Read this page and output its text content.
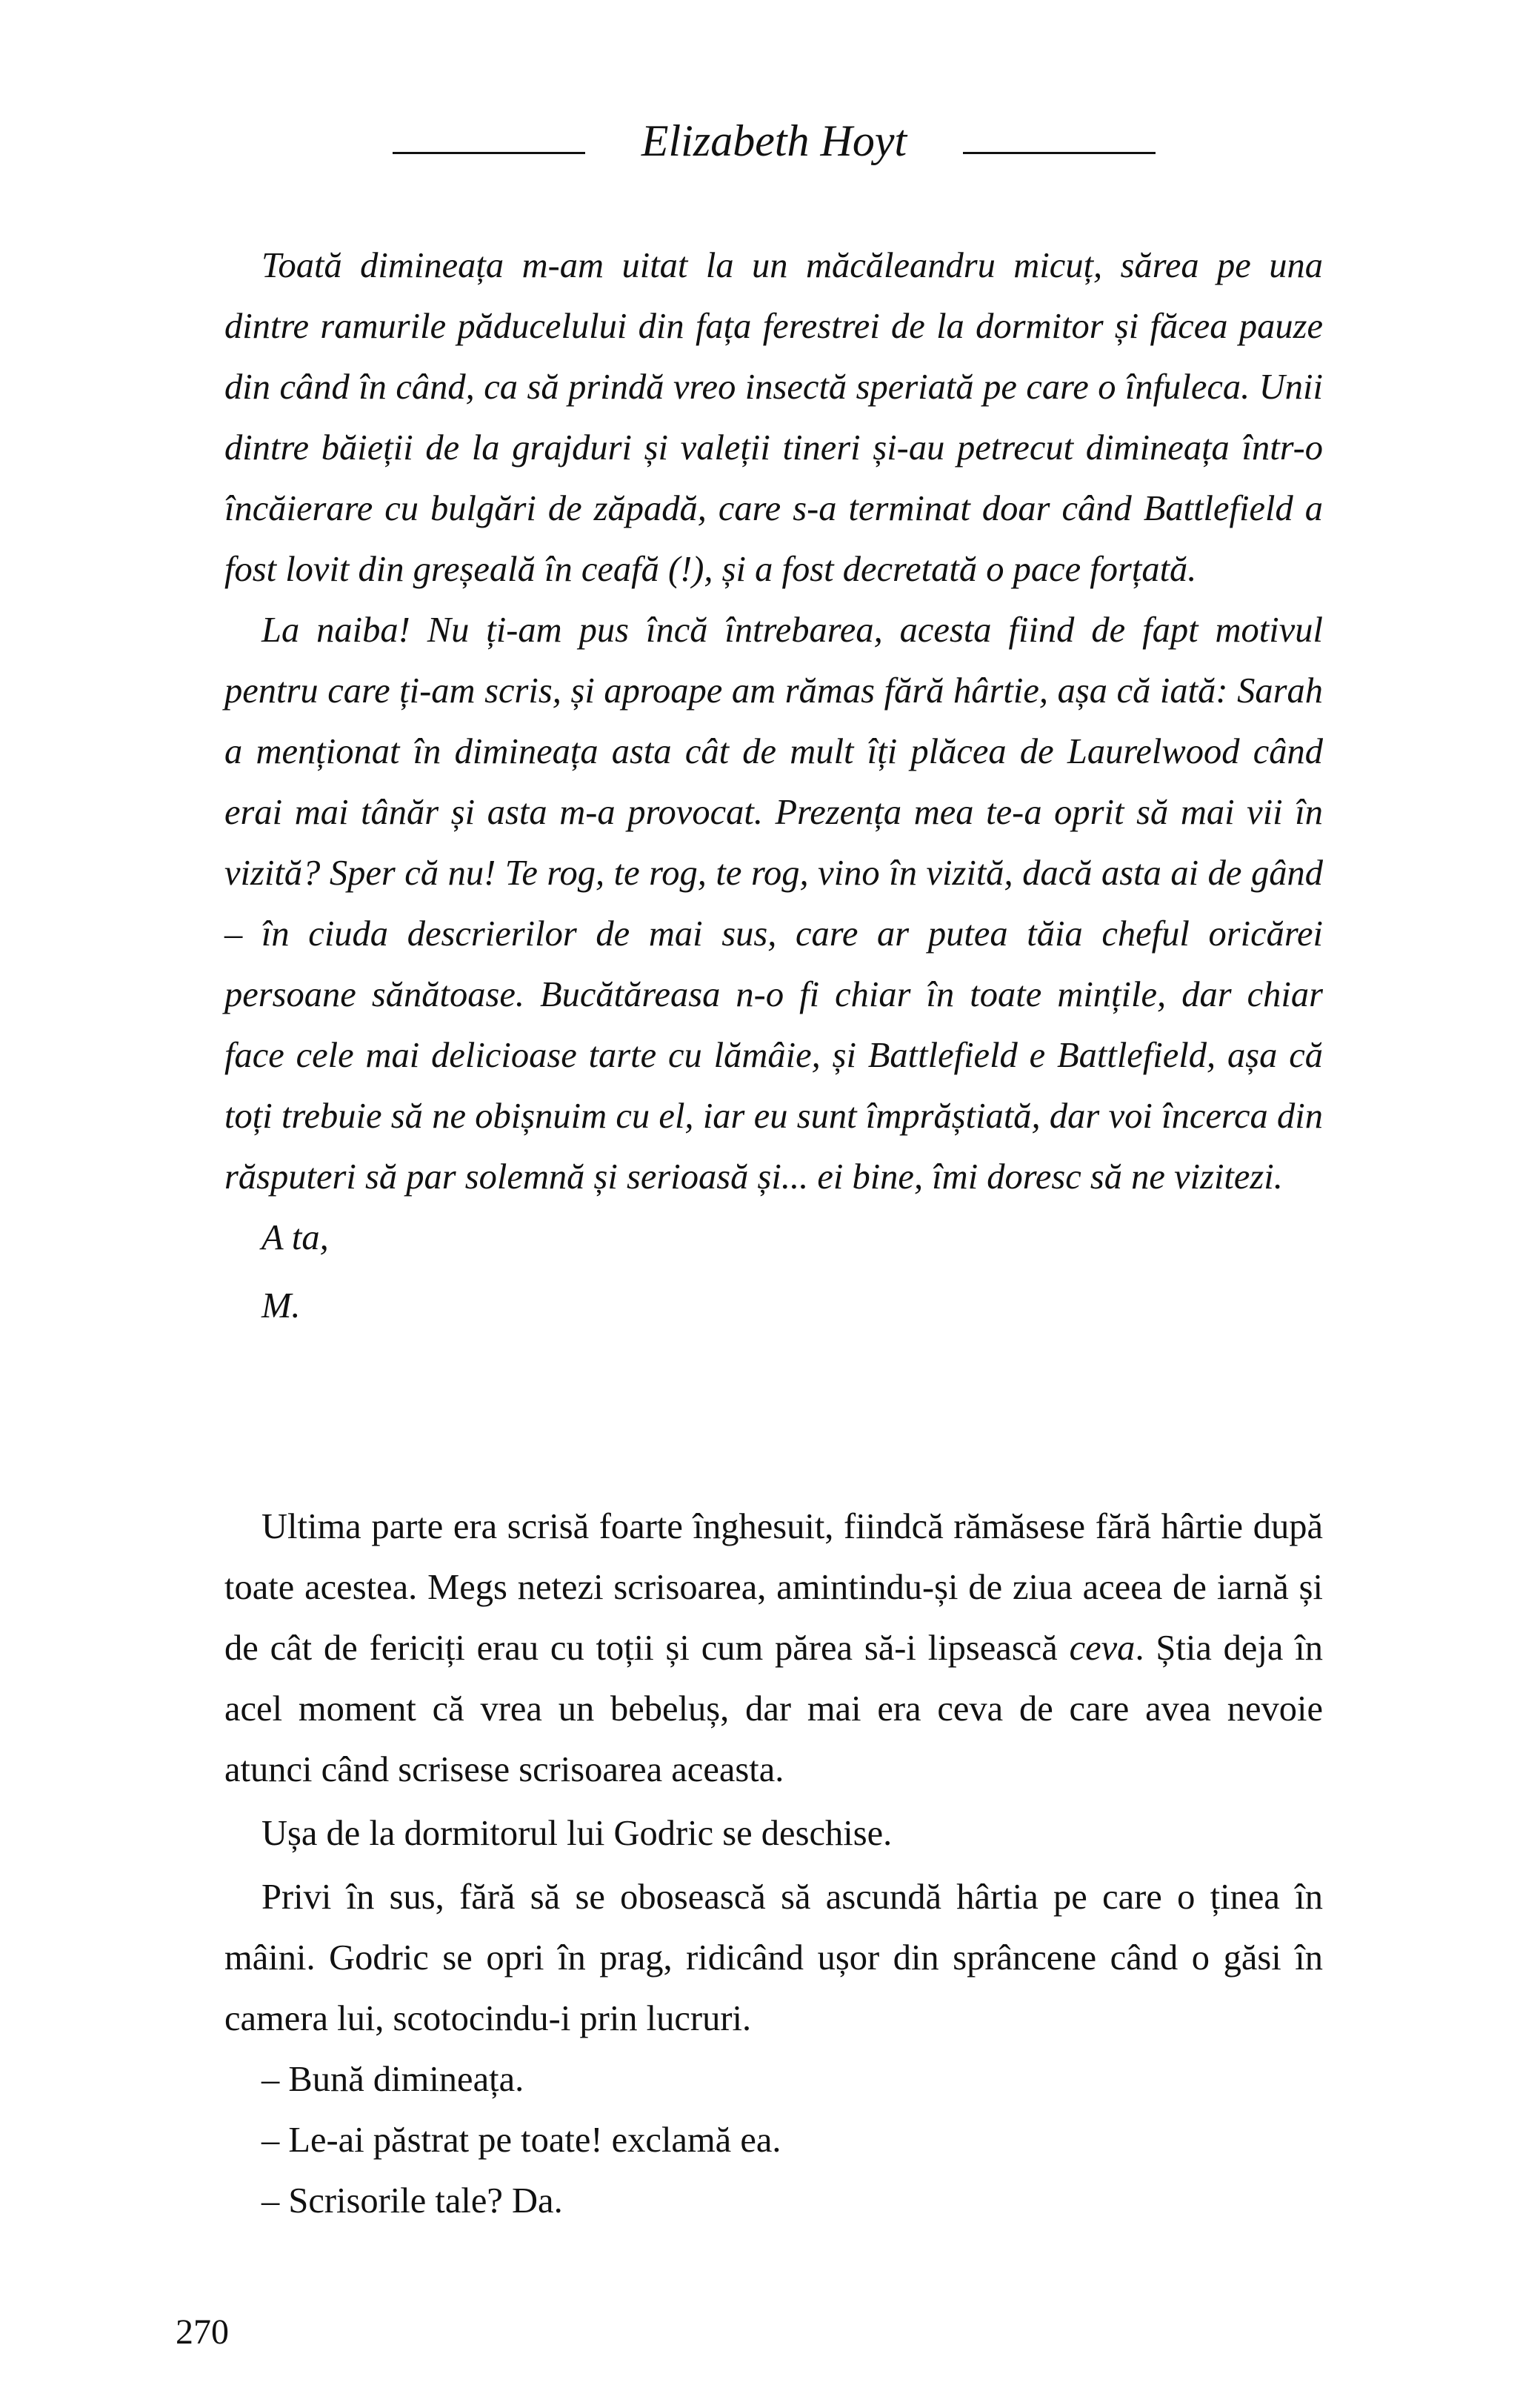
Elizabeth Hoyt

Toată dimineața m-am uitat la un măcăleandru micuț, sărea pe una dintre ramurile păducelului din fața ferestrei de la dormitor și făcea pauze din când în când, ca să prindă vreo insectă speriată pe care o înfuleca. Unii dintre băieții de la grajduri și valeții tineri și-au petrecut dimineața într-o încăierare cu bulgări de zăpadă, care s-a terminat doar când Battlefield a fost lovit din greșeală în ceafă (!), și a fost decretată o pace forțată.

La naiba! Nu ți-am pus încă întrebarea, acesta fiind de fapt motivul pentru care ți-am scris, și aproape am rămas fără hârtie, așa că iată: Sarah a menționat în dimineața asta cât de mult îți plăcea de Laurelwood când erai mai tânăr și asta m-a provocat. Prezența mea te-a oprit să mai vii în vizită? Sper că nu! Te rog, te rog, te rog, vino în vizită, dacă asta ai de gând – în ciuda descrierilor de mai sus, care ar putea tăia cheful oricărei persoane sănătoase. Bucătăreasa n-o fi chiar în toate mințile, dar chiar face cele mai delicioase tarte cu lămâie, și Battlefield e Battlefield, așa că toți trebuie să ne obișnuim cu el, iar eu sunt împrăștiată, dar voi încerca din răsputeri să par solemnă și serioasă și... ei bine, îmi doresc să ne vizitezi.

A ta,

M.

Ultima parte era scrisă foarte înghesuit, fiindcă rămăsese fără hârtie după toate acestea. Megs netezi scrisoarea, amintindu-și de ziua aceea de iarnă și de cât de fericiți erau cu toții și cum părea să-i lipsească ceva. Știa deja în acel moment că vrea un bebeluș, dar mai era ceva de care avea nevoie atunci când scrisese scrisoarea aceasta.

Ușa de la dormitorul lui Godric se deschise.

Privi în sus, fără să se obosească să ascundă hârtia pe care o ținea în mâini. Godric se opri în prag, ridicând ușor din sprâncene când o găsi în camera lui, scotocindu-i prin lucruri.

– Bună dimineața.

– Le-ai păstrat pe toate! exclamă ea.

– Scrisorile tale? Da.

270
